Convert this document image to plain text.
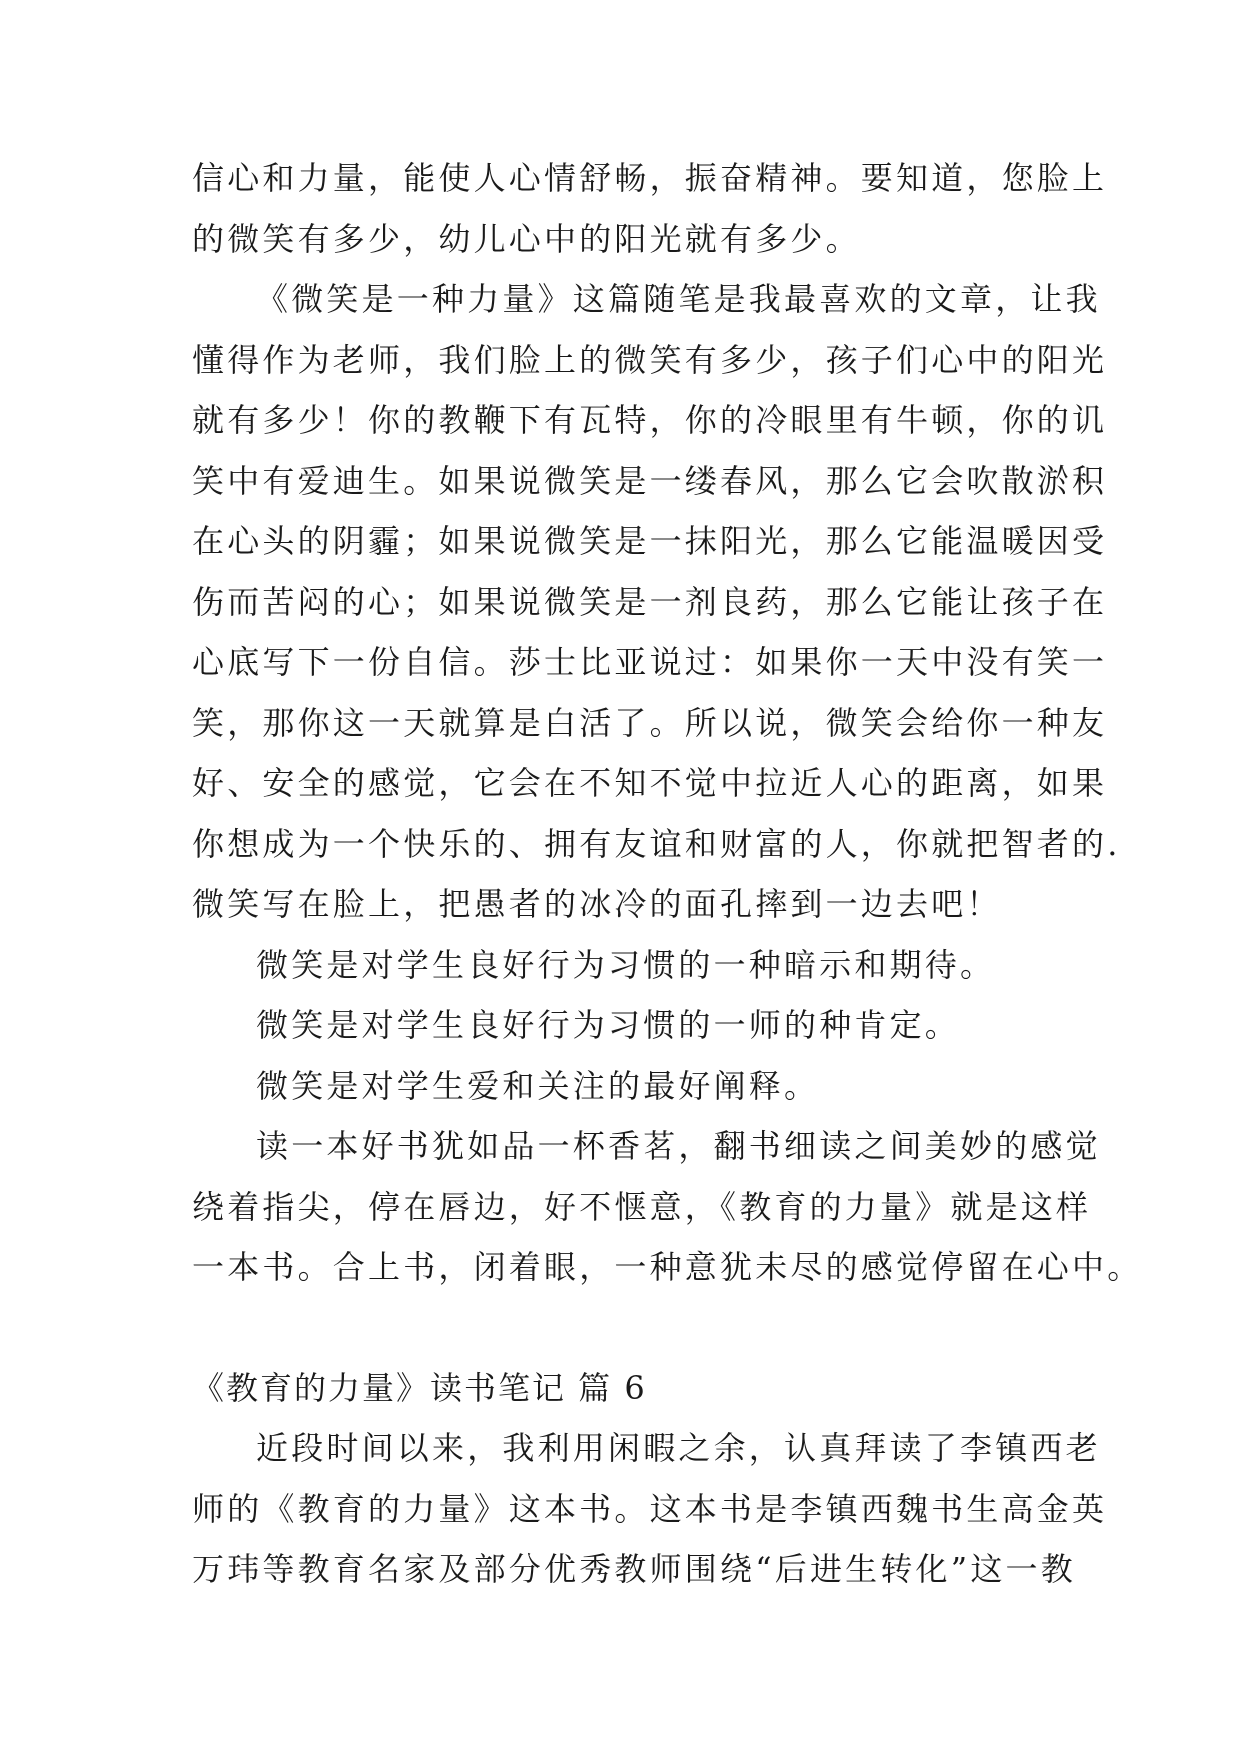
信心和力量，能使人心情舒畅，振奋精神。要知道，您脸上
的微笑有多少，幼儿心中的阳光就有多少。
《微笑是一种力量》这篇随笔是我最喜欢的文章，让我
懂得作为老师，我们脸上的微笑有多少，孩子们心中的阳光
就有多少！你的教鞭下有瓦特，你的冷眼里有牛顿，你的讥
笑中有爱迪生。如果说微笑是一缕春风，那么它会吹散淤积
在心头的阴霾；如果说微笑是一抹阳光，那么它能温暖因受
伤而苦闷的心；如果说微笑是一剂良药，那么它能让孩子在
心底写下一份自信。莎士比亚说过：如果你一天中没有笑一
笑，那你这一天就算是白活了。所以说，微笑会给你一种友
好、安全的感觉，它会在不知不觉中拉近人心的距离，如果
你想成为一个快乐的、拥有友谊和财富的人，你就把智者的.
微笑写在脸上，把愚者的冰冷的面孔摔到一边去吧！
微笑是对学生良好行为习惯的一种暗示和期待。
微笑是对学生良好行为习惯的一师的种肯定。
微笑是对学生爱和关注的最好阐释。
读一本好书犹如品一杯香茗，翻书细读之间美妙的感觉
绕着指尖，停在唇边，好不惬意，《教育的力量》就是这样
一本书。合上书，闭着眼，一种意犹未尽的感觉停留在心中。
《教育的力量》读书笔记 篇 6
近段时间以来，我利用闲暇之余，认真拜读了李镇西老
师的《教育的力量》这本书。这本书是李镇西魏书生高金英
万玮等教育名家及部分优秀教师围绕“后进生转化”这一教
